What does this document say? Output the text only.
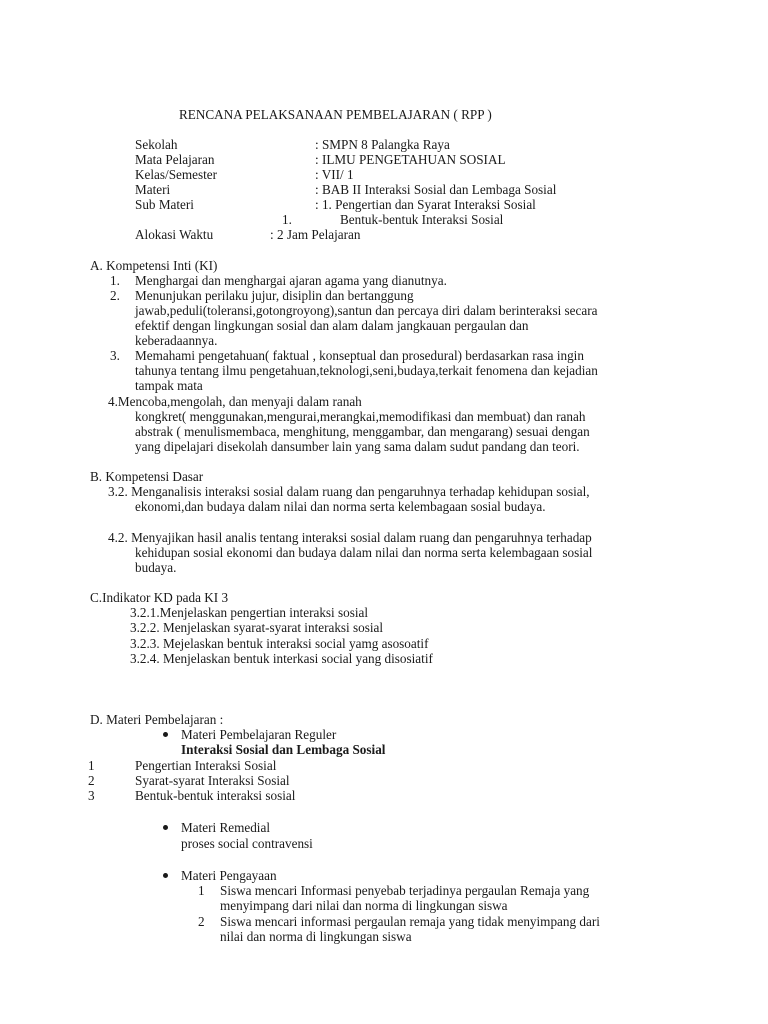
RENCANA PELAKSANAAN PEMBELAJARAN ( RPP )
Sekolah	: SMPN 8 Palangka Raya
Mata Pelajaran	: ILMU PENGETAHUAN SOSIAL
Kelas/Semester	: VII/ 1
Materi	: BAB II Interaksi Sosial dan Lembaga Sosial
Sub Materi	: 1. Pengertian dan Syarat Interaksi Sosial
1.	Bentuk-bentuk Interaksi Sosial
Alokasi Waktu	: 2 Jam Pelajaran
A. Kompetensi Inti (KI)
1. Menghargai dan menghargai ajaran agama yang dianutnya.
2. Menunjukan perilaku jujur, disiplin dan bertanggung
jawab,peduli(toleransi,gotongroyong),santun dan percaya diri dalam berinteraksi secara
efektif dengan lingkungan sosial dan alam dalam jangkauan pergaulan dan
keberadaannya.
3. Memahami pengetahuan( faktual , konseptual dan prosedural) berdasarkan rasa ingin
tahunya tentang ilmu pengetahuan,teknologi,seni,budaya,terkait fenomena dan kejadian
tampak mata
4.Mencoba,mengolah, dan menyaji dalam ranah
kongkret( menggunakan,mengurai,merangkai,memodifikasi dan membuat) dan ranah
abstrak ( menulismembaca, menghitung, menggambar, dan mengarang) sesuai dengan
yang dipelajari disekolah dansumber lain yang sama dalam sudut pandang dan teori.
B. Kompetensi Dasar
3.2. Menganalisis interaksi sosial dalam ruang dan pengaruhnya terhadap kehidupan sosial,
ekonomi,dan budaya dalam nilai dan norma serta kelembagaan sosial budaya.
4.2. Menyajikan hasil analis tentang interaksi sosial dalam ruang dan pengaruhnya terhadap
kehidupan sosial ekonomi dan budaya dalam nilai dan norma serta kelembagaan sosial
budaya.
C.Indikator KD pada KI 3
3.2.1.Menjelaskan pengertian interaksi sosial
3.2.2. Menjelaskan syarat-syarat interaksi sosial
3.2.3. Mejelaskan bentuk interaksi social yamg asosoatif
3.2.4. Menjelaskan bentuk interkasi social yang disosiatif
D. Materi Pembelajaran :
Materi Pembelajaran Reguler
Interaksi Sosial dan Lembaga Sosial
1	Pengertian Interaksi Sosial
2	Syarat-syarat Interaksi Sosial
3	Bentuk-bentuk interaksi sosial
Materi Remedial
proses social contravensi
Materi Pengayaan
1 Siswa mencari Informasi penyebab terjadinya pergaulan Remaja yang
menyimpang dari nilai dan norma di lingkungan siswa
2 Siswa mencari informasi pergaulan remaja yang tidak menyimpang dari
nilai dan norma di lingkungan siswa
